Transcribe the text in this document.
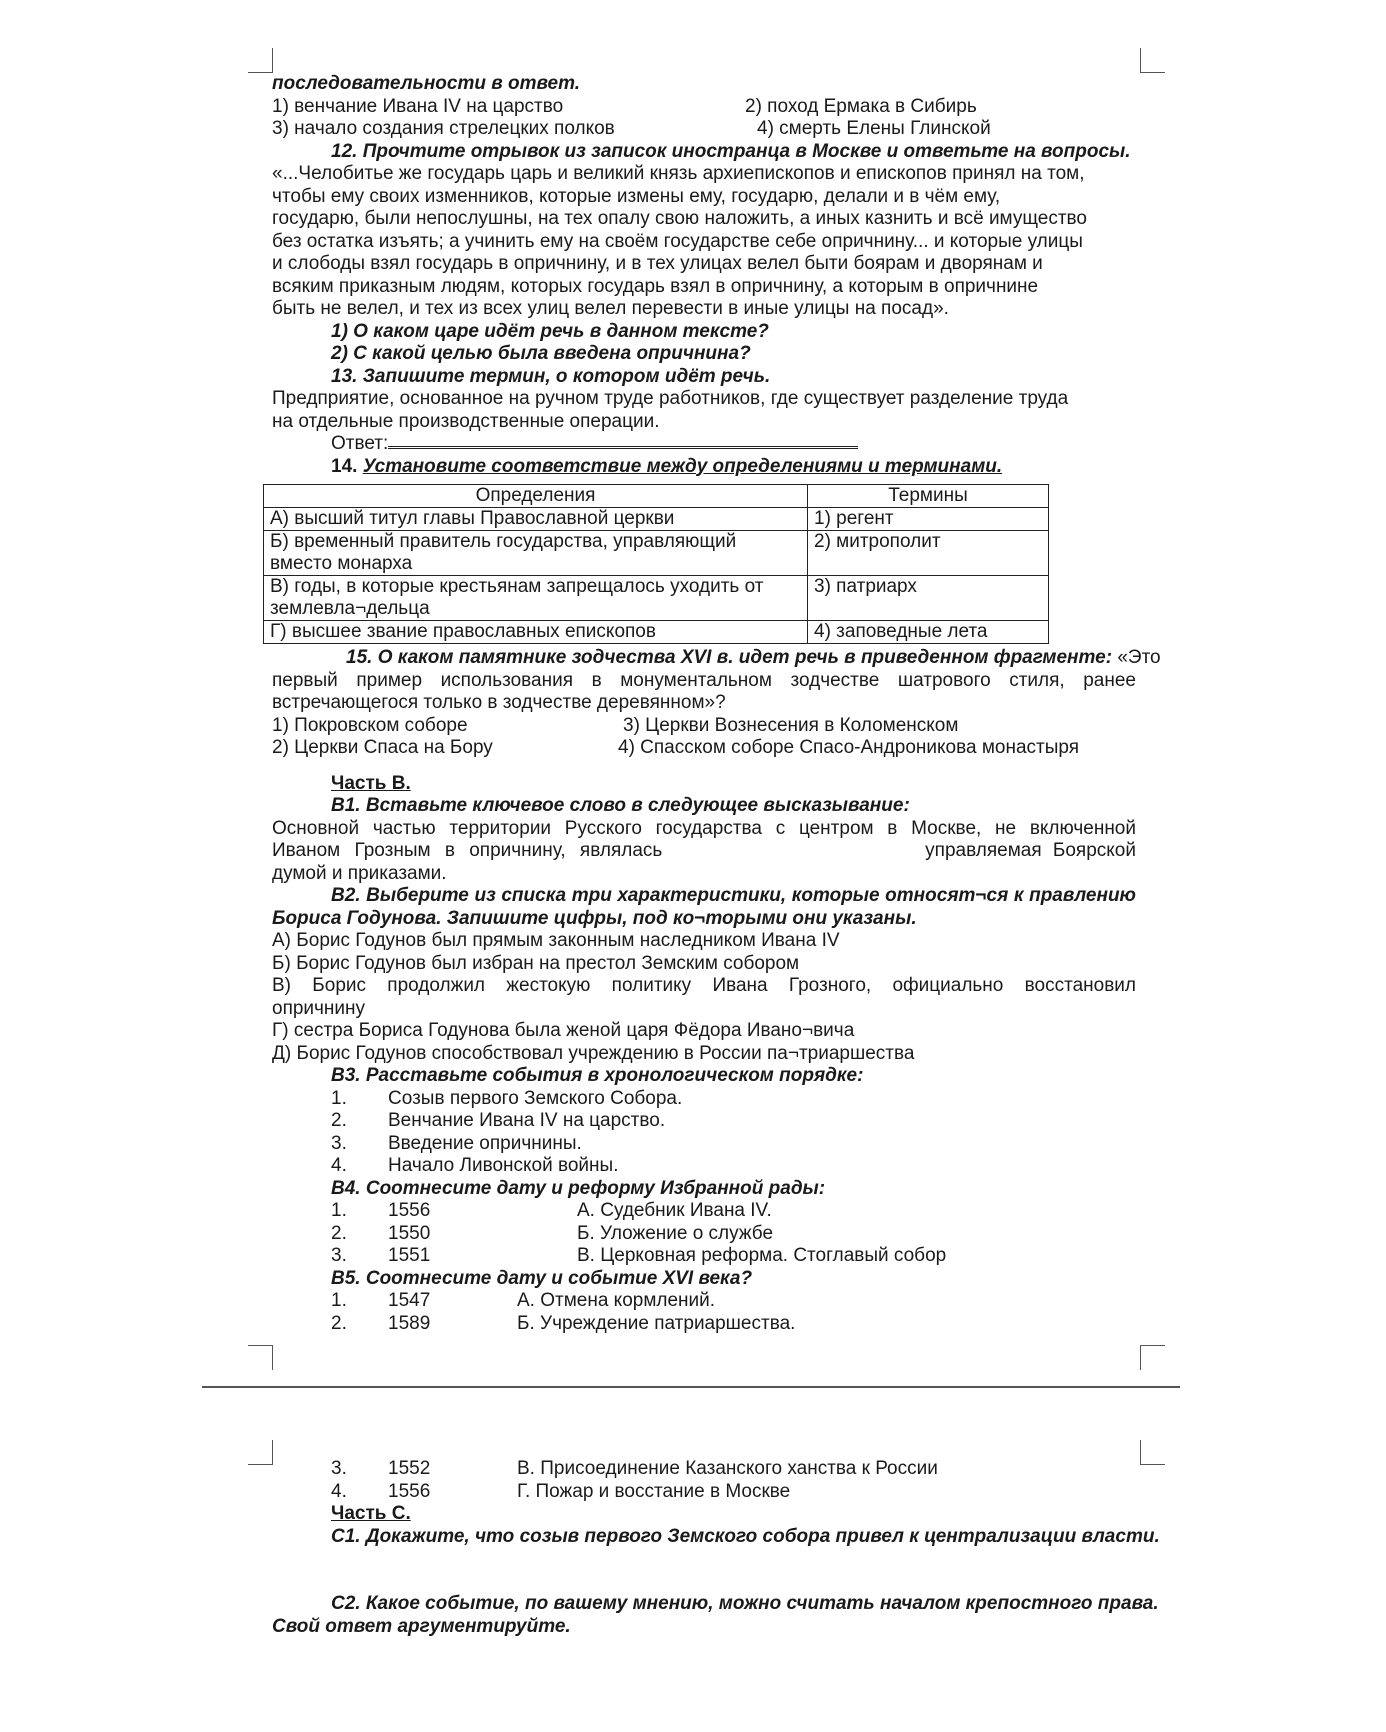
последовательности в ответ.

1) венчание Ивана IV на царство	2) поход Ермака в Сибирь
3) начало создания стрелецких полков	4) смерть Елены Глинской

12. Прочтите отрывок из записок иностранца в Москве и ответьте на вопросы.

«...Челобитье же государь царь и великий князь архиепископов и епископов принял на том,

чтобы ему своих изменников, которые измены ему, государю, делали и в чём ему,

государю, были непослушны, на тех опалу свою наложить, а иных казнить и всё имущество

без остатка изъять; а учинить ему на своём государстве себе опричнину... и которые улицы

и слободы взял государь в опричнину, и в тех улицах велел быти боярам и дворянам и

всяким приказным людям, которых государь взял в опричнину, а которым в опричнине

быть не велел, и тех из всех улиц велел перевести в иные улицы на посад».

1) О каком царе идёт речь в данном тексте?

2) С какой целью была введена опричнина?

13. Запишите термин, о котором идёт речь.

Предприятие, основанное на ручном труде работников, где существует разделение труда

на отдельные производственные операции.

Ответ:

14. Установите соответствие между определениями и терминами.

Определения	Термины
А) высший титул главы Православной церкви	1) регент
Б) временный правитель государства, управляющий вместо монарха	2) митрополит
В) годы, в которые крестьянам запрещалось уходить от землевла¬дельца	3) патриарх
Г) высшее звание православных епископов	4) заповедные лета

15. О каком памятнике зодчества XVI в. идет речь в приведенном фрагменте: «Это

первый пример использования в монументальном зодчестве шатрового стиля, ранее

встречающегося только в зодчестве деревянном»?

1) Покровском соборе	3) Церкви Вознесения в Коломенском
2) Церкви Спаса на Бору	4) Спасском соборе Спасо-Андроникова монастыря

Часть В.

В1. Вставьте ключевое слово в следующее высказывание:

Основной частью территории Русского государства с центром в Москве, не включенной

Иваном Грозным в опричнину, являлась	управляемая Боярской

думой и приказами.

В2. Выберите из списка три характеристики, которые относят¬ся к правлению

Бориса Годунова. Запишите цифры, под ко¬торыми они указаны.

А) Борис Годунов был прямым законным наследником Ивана IV

Б) Борис Годунов был избран на престол Земским собором

В) Борис продолжил жестокую политику Ивана Грозного, официально восстановил

опричнину

Г) сестра Бориса Годунова была женой царя Фёдора Ивано¬вича

Д) Борис Годунов способствовал учреждению в России па¬триаршества

В3. Расставьте события в хронологическом порядке:

1. Созыв первого Земского Собора.
2. Венчание Ивана IV на царство.
3. Введение опричнины.
4. Начало Ливонской войны.

В4. Соотнесите дату и реформу Избранной рады:

1. 1556	А. Судебник Ивана IV.
2. 1550	Б. Уложение о службе
3. 1551	В. Церковная реформа. Стоглавый собор

В5. Соотнесите дату и событие XVI века?

1. 1547	А. Отмена кормлений.
2. 1589	Б. Учреждение патриаршества.
3. 1552	В. Присоединение Казанского ханства к России
4. 1556	Г. Пожар и восстание в Москве

Часть С.

С1. Докажите, что созыв первого Земского собора привел к централизации власти.

С2. Какое событие, по вашему мнению, можно считать началом крепостного права.

Свой ответ аргументируйте.
